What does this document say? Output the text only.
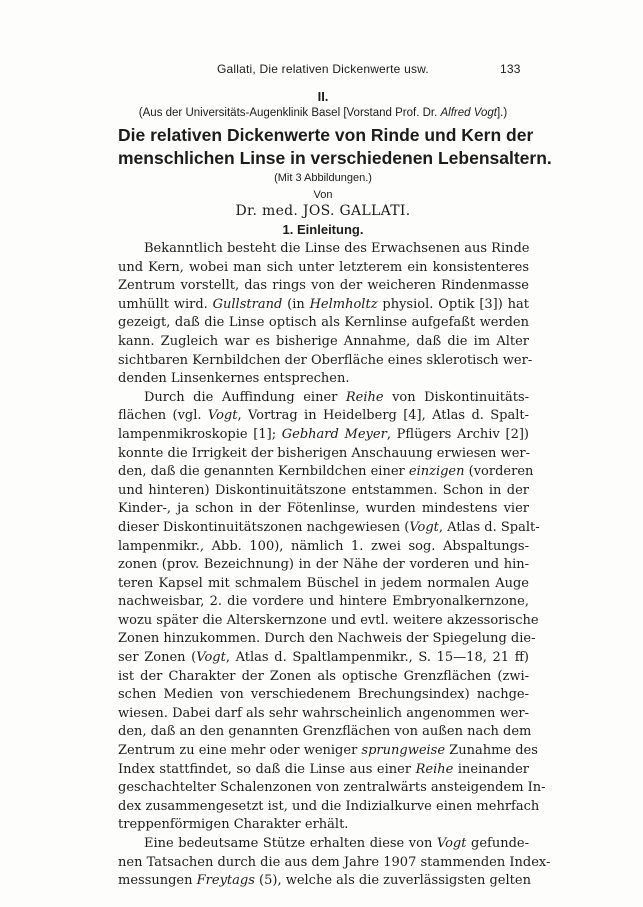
Gallati, Die relativen Dickenwerte usw.	133
II.
(Aus der Universitäts-Augenklinik Basel [Vorstand Prof. Dr. Alfred Vogt].)
Die relativen Dickenwerte von Rinde und Kern der
menschlichen Linse in verschiedenen Lebensaltern.
(Mit 3 Abbildungen.)
Von
Dr. med. JOS. GALLATI.
1. Einleitung.
Bekanntlich besteht die Linse des Erwachsenen aus Rinde
und Kern, wobei man sich unter letzterem ein konsistenteres
Zentrum vorstellt, das rings von der weicheren Rindenmasse
umhüllt wird. Gullstrand (in Helmholtz physiol. Optik [3]) hat
gezeigt, daß die Linse optisch als Kernlinse aufgefaßt werden
kann. Zugleich war es bisherige Annahme, daß die im Alter
sichtbaren Kernbildchen der Oberfläche eines sklerotisch wer-
denden Linsenkernes entsprechen.
Durch die Auffindung einer Reihe von Diskontinuitäts-
flächen (vgl. Vogt, Vortrag in Heidelberg [4], Atlas d. Spalt-
lampenmikroskopie [1]; Gebhard Meyer, Pflügers Archiv [2])
konnte die Irrigkeit der bisherigen Anschauung erwiesen wer-
den, daß die genannten Kernbildchen einer einzigen (vorderen
und hinteren) Diskontinuitätszone entstammen. Schon in der
Kinder-, ja schon in der Fötenlinse, wurden mindestens vier
dieser Diskontinuitätszonen nachgewiesen (Vogt, Atlas d. Spalt-
lampenmikr., Abb. 100), nämlich 1. zwei sog. Abspaltungs-
zonen (prov. Bezeichnung) in der Nähe der vorderen und hin-
teren Kapsel mit schmalem Büschel in jedem normalen Auge
nachweisbar, 2. die vordere und hintere Embryonalkernzone,
wozu später die Alterskernzone und evtl. weitere akzessorische
Zonen hinzukommen. Durch den Nachweis der Spiegelung die-
ser Zonen (Vogt, Atlas d. Spaltlampenmikr., S. 15—18, 21 ff)
ist der Charakter der Zonen als optische Grenzflächen (zwi-
schen Medien von verschiedenem Brechungsindex) nachge-
wiesen. Dabei darf als sehr wahrscheinlich angenommen wer-
den, daß an den genannten Grenzflächen von außen nach dem
Zentrum zu eine mehr oder weniger sprungweise Zunahme des
Index stattfindet, so daß die Linse aus einer Reihe ineinander
geschachtelter Schalenzonen von zentralwärts ansteigendem In-
dex zusammengesetzt ist, und die Indizialkurve einen mehrfach
treppenförmigen Charakter erhält.
Eine bedeutsame Stütze erhalten diese von Vogt gefunde-
nen Tatsachen durch die aus dem Jahre 1907 stammenden Index-
messungen Freytags (5), welche als die zuverlässigsten gelten
